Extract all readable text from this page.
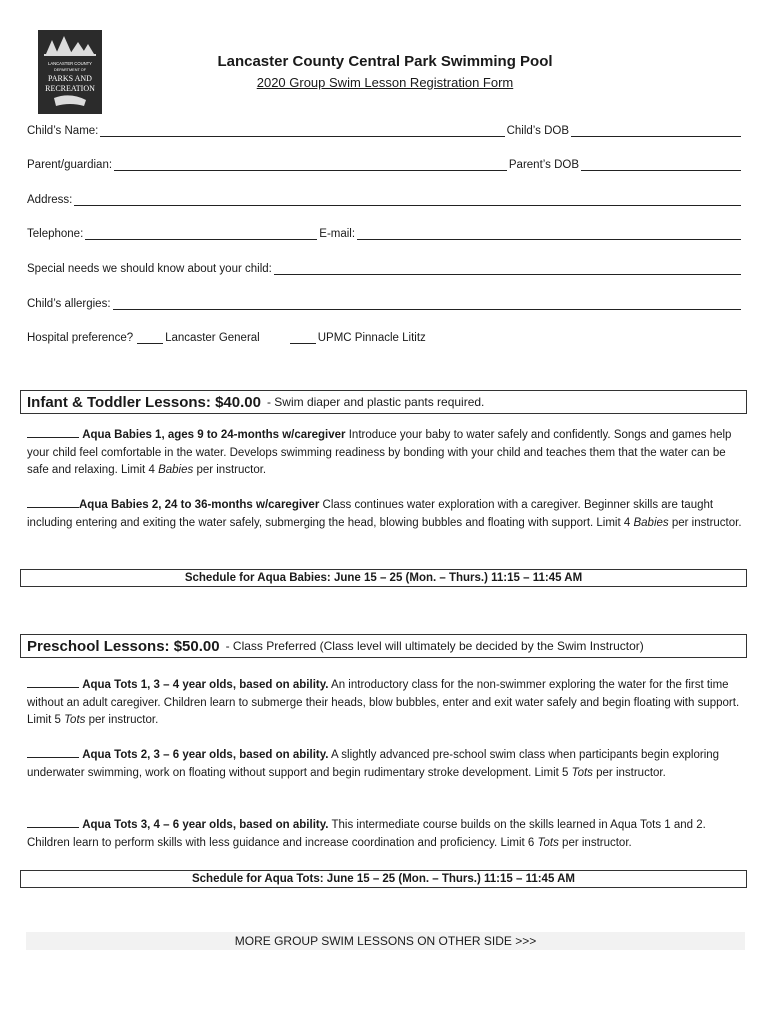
LANCASTER COUNTY
DEPARTMENT OF
PARKS AND
RECREATION
Lancaster County Central Park Swimming Pool
2020 Group Swim Lesson Registration Form
Child’s Name:	Child’s DOB
Parent/guardian:	Parent’s DOB
Address:
Telephone:	E-mail:
Special needs we should know about your child:
Child’s allergies:
Hospital preference?	Lancaster General	UPMC Pinnacle Lititz
Infant & Toddler Lessons: $40.00 - Swim diaper and plastic pants required.
Aqua Babies 1, ages 9 to 24-months w/caregiver Introduce your baby to water safely and confidently. Songs and games help your child feel comfortable in the water. Develops swimming readiness by bonding with your child and teaches them that the water can be safe and relaxing. Limit 4 Babies per instructor.
Aqua Babies 2, 24 to 36-months w/caregiver Class continues water exploration with a caregiver. Beginner skills are taught including entering and exiting the water safely, submerging the head, blowing bubbles and floating with support. Limit 4 Babies per instructor.
Schedule for Aqua Babies: June 15 – 25 (Mon. – Thurs.) 11:15 – 11:45 AM
Preschool Lessons: $50.00 - Class Preferred (Class level will ultimately be decided by the Swim Instructor)
Aqua Tots 1, 3 – 4 year olds, based on ability. An introductory class for the non-swimmer exploring the water for the first time without an adult caregiver. Children learn to submerge their heads, blow bubbles, enter and exit water safely and begin floating with support. Limit 5 Tots per instructor.
Aqua Tots 2, 3 – 6 year olds, based on ability. A slightly advanced pre-school swim class when participants begin exploring underwater swimming, work on floating without support and begin rudimentary stroke development. Limit 5 Tots per instructor.
Aqua Tots 3, 4 – 6 year olds, based on ability. This intermediate course builds on the skills learned in Aqua Tots 1 and 2. Children learn to perform skills with less guidance and increase coordination and proficiency. Limit 6 Tots per instructor.
Schedule for Aqua Tots: June 15 – 25 (Mon. – Thurs.) 11:15 – 11:45 AM
MORE GROUP SWIM LESSONS ON OTHER SIDE >>>
